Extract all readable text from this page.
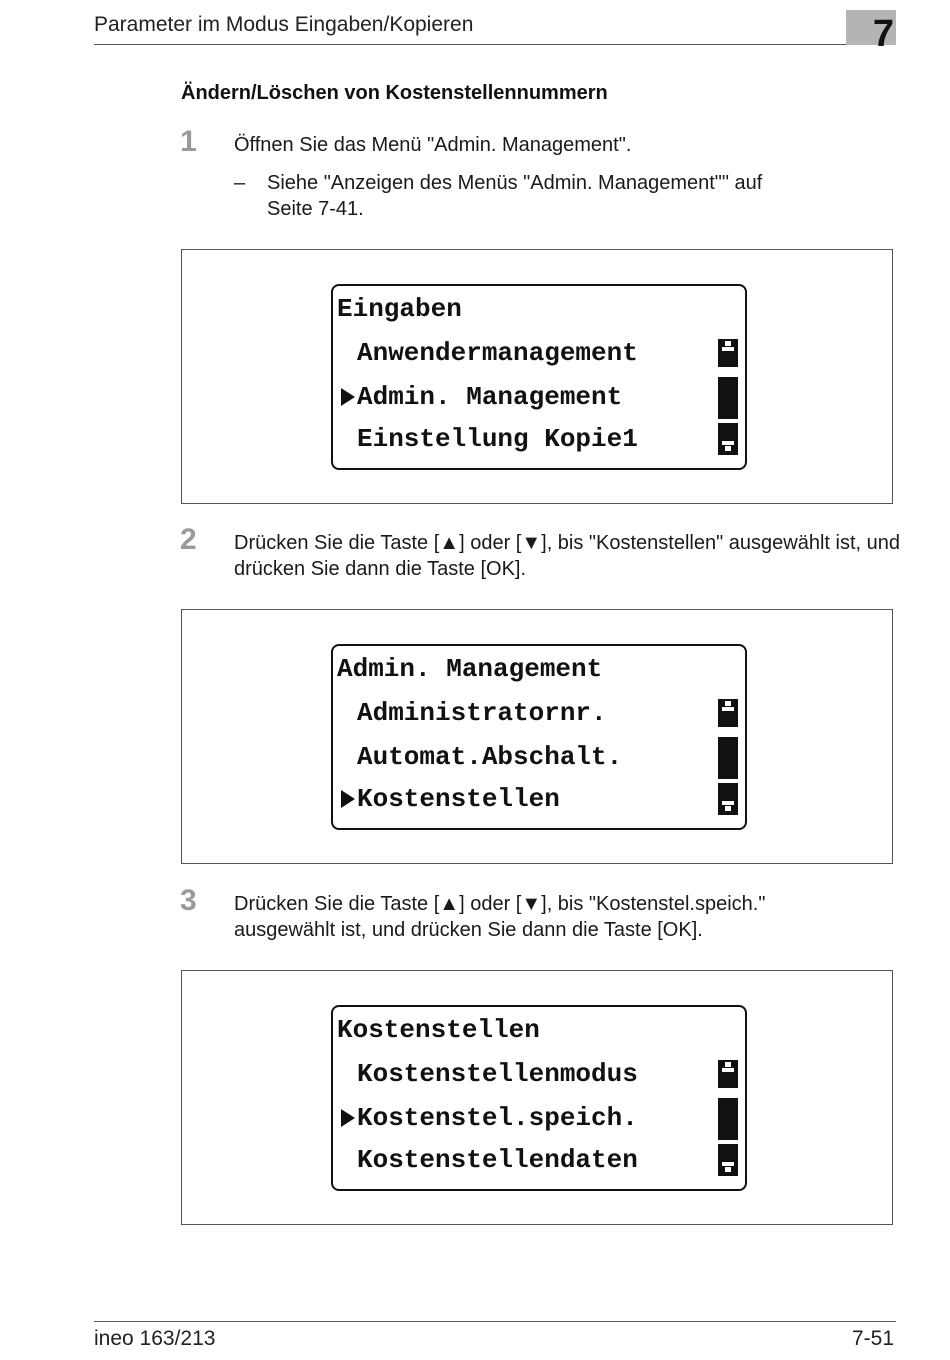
Parameter im Modus Eingaben/Kopieren	7
Ändern/Löschen von Kostenstellennummern
1 Öffnen Sie das Menü "Admin. Management".
– Siehe "Anzeigen des Menüs "Admin. Management"" auf Seite 7-41.
Eingaben
Anwendermanagement
Admin. Management
Einstellung Kopie1
2 Drücken Sie die Taste [▲] oder [▼], bis "Kostenstellen" ausgewählt ist, und drücken Sie dann die Taste [OK].
Admin. Management
Administratornr.
Automat.Abschalt.
Kostenstellen
3 Drücken Sie die Taste [▲] oder [▼], bis "Kostenstel.speich." ausgewählt ist, und drücken Sie dann die Taste [OK].
Kostenstellen
Kostenstellenmodus
Kostenstel.speich.
Kostenstellendaten
ineo 163/213	7-51
